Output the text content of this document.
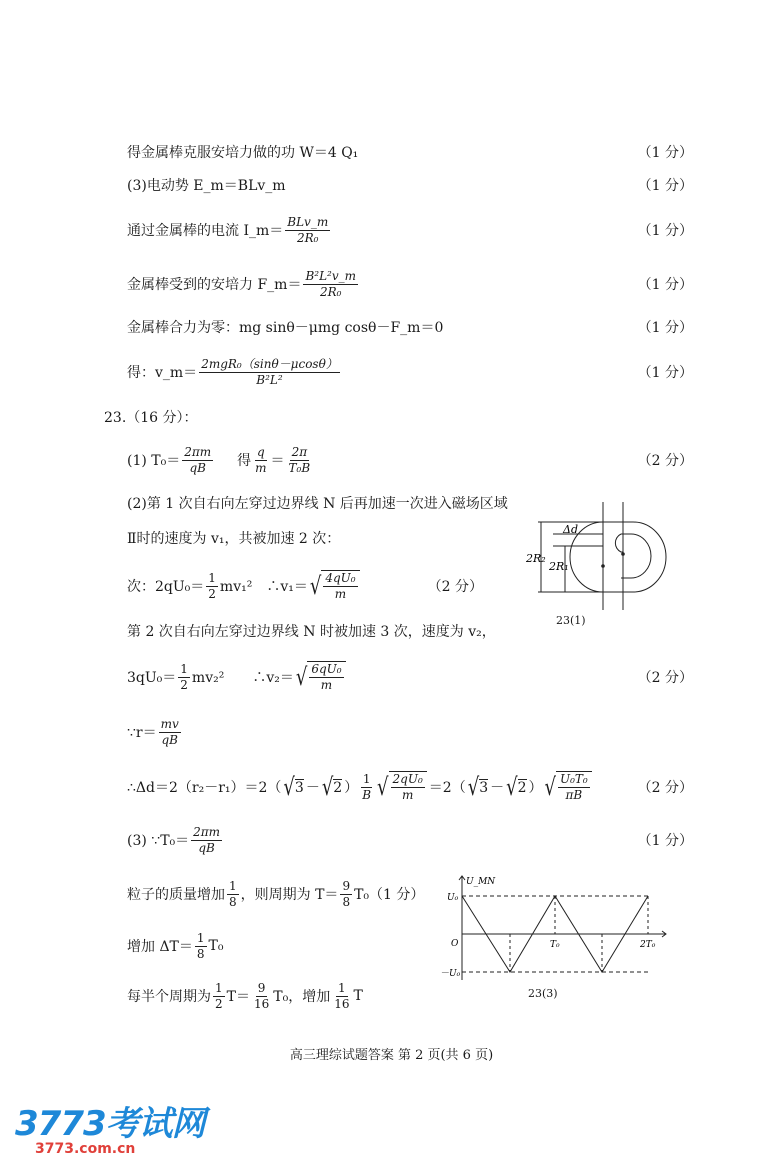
得金属棒克服安培力做的功 W＝4 Q₁	（1 分）
(3)电动势 E_m＝BLv_m	（1 分）
通过金属棒的电流 I_m＝ $\frac{\text{BLv\_m}}{\text{2R₀}}$	（1 分）
金属棒受到的安培力 F_m＝ $\frac{\text{B²L²v\_m}}{\text{2R₀}}$	（1 分）
金属棒合力为零：mg sinθ－μmg cosθ－F_m＝0	（1 分）
得：v_m＝ $\frac{\text{2mgR₀（sinθ－μcosθ）}}{\text{B²L²}}$	（1 分）
23.（16 分）：
(1) $T_0= \frac{2\pi m}{qB}$ 得 $\frac{q}{m} = \frac{2\pi}{\text{T₀B}}$	（2 分）
(2)第 1 次自右向左穿过边界线 N 后再加速一次进入磁场区域
Ⅱ时的速度为 v₁，共被加速 2 次：
次：$2qU_0= \frac{1}{2} mv_1^2$　∴v₁＝ √ $\frac{\text{4qU₀}}{m}$	（2 分）
第 2 次自右向左穿过边界线 N 时被加速 3 次，速度为 v₂，
$3qU_0= \frac{1}{2} mv_2^2$　　∴v₂＝ √ $\frac{\text{6qU₀}}{m}$	（2 分）
∵r＝ $\frac{mv}{qB}$
∴Δd＝2（r₂－r₁）＝2（ √ 3 － √ 2 ） $\frac{1}{B}$ √ $\frac{\text{2qU₀}}{m} =2$（ √ 3 － √ 2 ） √ $\frac{\text{U₀T₀}}{\pi B}$	（2 分）
(3) ∵T₀＝ $\frac{2\pi m}{qB}$	（1 分）
粒子的质量增加 $\frac{1}{8}$ ，则周期为 $T= \frac{9}{8} T_0(1$ 分）
增加 $\Delta T= \frac{1}{8} T_0$
每半个周期为 $\frac{1}{2} T= \frac{9}{16} T_0$，增加 $\frac{1}{16}$ T
Δd
2R₂
2R₁
23(1)
U_MN
U₀
－U₀
O	T₀	2T₀
23(3)
高三理综试题答案 第 2 页(共 6 页)
3773考试网
3773.com.cn
